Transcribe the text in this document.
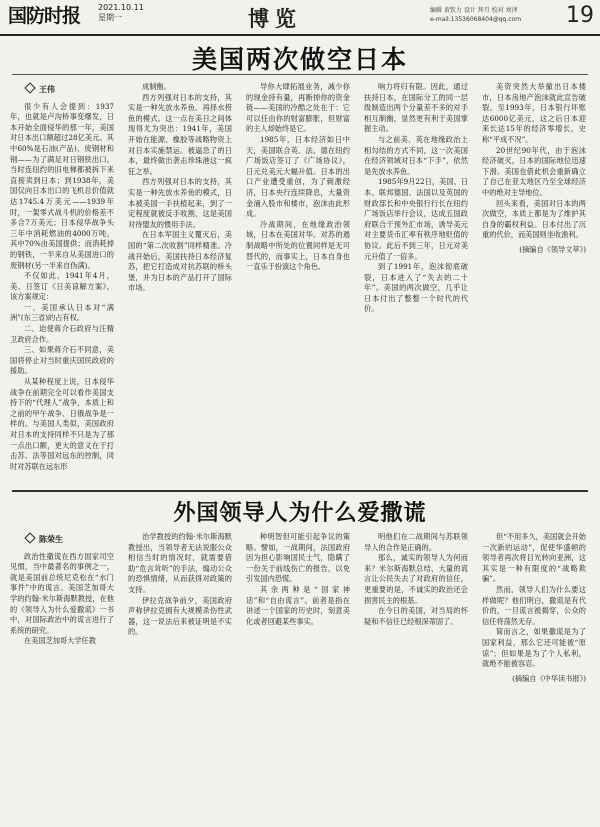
国防时报	2021.10.11
星期一	博览	编辑 黄钦力 设计 拜月 校对 刘泽
e-mail:13536068404@qq.com	19
美国两次做空日本
王伟

很少有人会提到：1937年，也就是卢沟桥事变爆发，日本开始全面侵华的那一年，美国对日本出口额超过28亿美元。其中60%是石油(产品)、废钢材和钢——为了满足对日钢铁出口，当时连纽约的旧电梯都被拆下来直接卖到日本；到1938年，美国仅向日本出口的飞机总价值就达1745.4万美元——1939年时，一架零式战斗机的价格差不多合7万美元；日本侵华战争头三年中消耗燃油的4000万吨，其中70%由美国提供；而消耗掉的钢铁，一半来自从美国进口的废钢材(另一半来自伪满)。

不仅如此，1941年4月，美、日签订《日美谅解方案》，该方案规定：

一、美国承认日本对“满洲”(东三省)的占有权。

二、迫使蒋介石政府与汪精卫政府合作。

三、如果蒋介石不同意，美国将停止对当时重庆国民政府的援助。

从某种程度上说，日本侵华战争在前期完全可以看作美国支持下的“代理人”战争，本质上和之前的甲午战争、日俄战争是一样的。与美国人类似，美国政府对日本的支持同样不只是为了那一点出口额，更大的意义在于打击苏、法等国对远东的控制，同时对苏联在远东形

成制衡。

西方列强对日本的支持，其实是一种先放水养鱼、再择水捞鱼的模式。这一点在美日之间体现得尤为突出：1941年，美国开始在能源、橡胶等战略物资上对日本实施禁运。被逼急了的日本，最终做出袭击珍珠港这一疯狂之举。

西方列强对日本的支持，其实是一种先放水养鱼的模式，日本被美国一手扶植起来，到了一定程度就被反手收割，这是美国对待盟友的惯用手法。

在日本军国主义覆灭后，美国的“第二次收割”同样精准。冷战开始后，美国扶持日本经济复苏，把它打造成对抗苏联的桥头堡，并为日本的产品打开了国际市场。

导你大肆拓展业务，减少你的现金持有量，再断掉你的资金链——美国的冷酷之处在于：它可以任由你的财富膨胀，但财富的主人却始终是它。

1985年，日本经济如日中天，美国联合英、法、德在纽约广场饭店签订了《广场协议》，日元兑美元大幅升值。日本的出口产业遭受重创，为了刺激经济，日本央行连续降息，大量资金涌入股市和楼市，泡沫由此形成。

冷战期间，在地缘政治领域，日本在美国对华、对苏的遏制战略中所处的位置同样是无可替代的，而事实上，日本自身也一直乐于扮演这个角色。

响力将归有限。因此，通过扶持日本，在国际分工的同一层级制造出两个分量差不多的对手相互制衡，显然更有利于美国掌握主动。

与之前美、英在地缘政治上相勾结的方式不同，这一次美国在经济领域对日本“下手”，依然是先放水养鱼。

1985年9月22日，美国、日本、联邦德国、法国以及英国的财政部长和中央银行行长在纽约广场饭店举行会议，达成五国政府联合干预外汇市场，诱导美元对主要货币汇率有秩序地贬值的协议。此后不到三年，日元对美元升值了一倍多。

到了1991年，泡沫彻底破裂，日本进入了“失去的二十年”。美国的两次做空，几乎让日本付出了整整一个时代的代价。

美资突然大举撤出日本楼市，日本房地产泡沫就此宣告破裂。至1993年，日本银行坏账达6000亿美元，这之后日本迎来长达15年的经济零增长，史称“平成不况”。

20世纪90年代，由于泡沫经济破灭，日本的国际地位迅速下滑。美国也借此机会重新确立了自己在亚太地区乃至全球经济中的绝对主导地位。

回头来看，美国对日本的两次做空，本质上都是为了维护其自身的霸权利益。日本付出了沉重的代价，而美国则坐收渔利。

(摘编自《领导文萃》)

外国领导人为什么爱撒谎
陈荣生

政治性撒谎在西方国家司空见惯，当中最著名的事例之一，就是美国前总统尼克松在“水门事件”中的谎言。美国芝加哥大学的约翰·米尔斯海默教授，在他的《领导人为什么爱撒谎》一书中，对国际政治中的谎言进行了系统的研究。

在美国芝加哥大学任教

治学教授的约翰·米尔斯海默教授出，当领导者无法说服公众相信当时的情况时，就需要借助“危言耸听”的手法，煽动公众的恐惧情绪，从而获得对政策的支持。

伊拉克战争前夕，美国政府声称伊拉克拥有大规模杀伤性武器，这一说法后来被证明是不实的。

种明智但可能引起争议的策略。譬如，一战期间，法国政府因为担心影响国民士气，隐瞒了一份关于前线伤亡的报告，以免引发国内恐慌。

其余两种是“国家神话”和“自由谎言”。前者是指在讲述一个国家的历史时，刻意美化或者回避某些事实。

明他们在二战期间与苏联领导人的合作是正确的。

那么，诚实的领导人为何而来？米尔斯海默总结，大量的谎言让公民失去了对政府的信任，更重要的是，不诚实的政治还会损害民主的根基。

在今日的美国，对当局的怀疑和不信任已经根深蒂固了。

但“不用多久，美国就会开始一次新的运动”，促使华盛顿的领导者再次将目光转向亚洲，这其实是一种有限度的“战略欺骗”。

然而，领导人们为什么要这样做呢？他们明白，撒谎是有代价的，一旦谎言被揭穿，公众的信任将荡然无存。

简而言之，如果撒谎是为了国家利益，那么它还可能被“原谅”；但如果是为了个人私利，就绝不能被容忍。

(摘编自《中华读书报》)
